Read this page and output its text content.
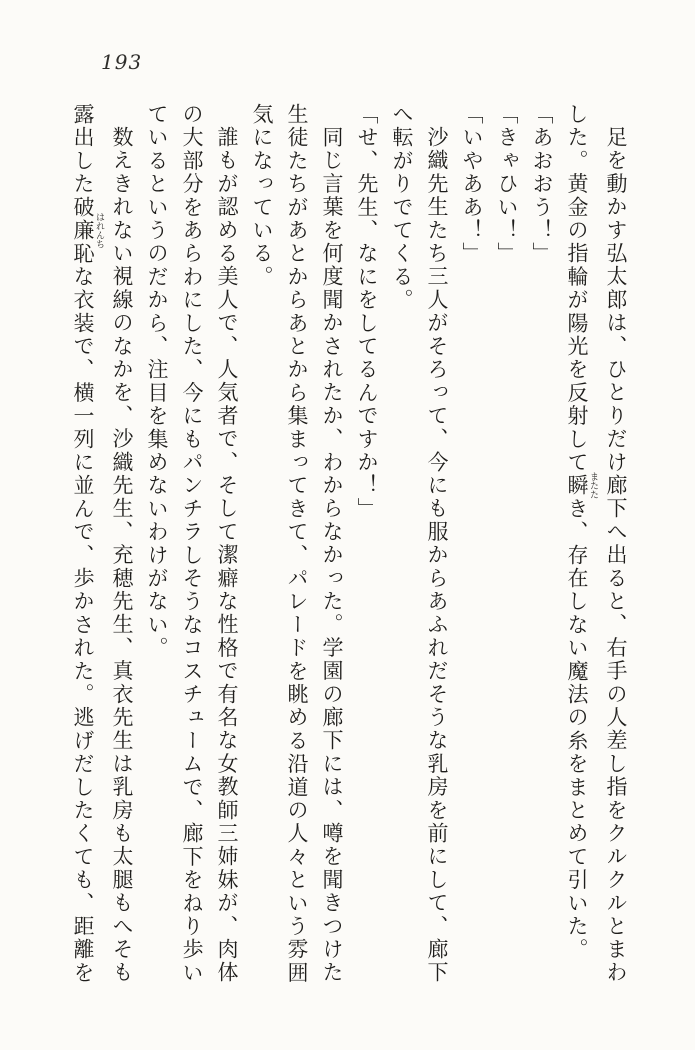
193
足を動かす弘太郎は、ひとりだけ廊下へ出ると、右手の人差し指をクルクルとまわ
した。黄金の指輪が陽光を反射して瞬 またたき、存在しない魔法の糸をまとめて引いた。
「あおおう！」
「きゃひい！」
「いやああ！」
沙織先生たち三人がそろって、今にも服からあふれだそうな乳房を前にして、廊下
へ転がりでてくる。
「せ、先生、なにをしてるんですか！」
同じ言葉を何度聞かされたか、わからなかった。学園の廊下には、噂を聞きつけた
生徒たちがあとからあとから集まってきて、パレードを眺める沿道の人々という雰囲
気になっている。
誰もが認める美人で、人気者で、そして潔癖な性格で有名な女教師三姉妹が、肉体
の大部分をあらわにした、今にもパンチラしそうなコスチュームで、廊下をねり歩い
ているというのだから、注目を集めないわけがない。
数えきれない視線のなかを、沙織先生、充穂先生、真衣先生は乳房も太腿もへそも
露出した破廉恥 はれんちな衣装で、横一列に並んで、歩かされた。逃げだしたくても、距離を
